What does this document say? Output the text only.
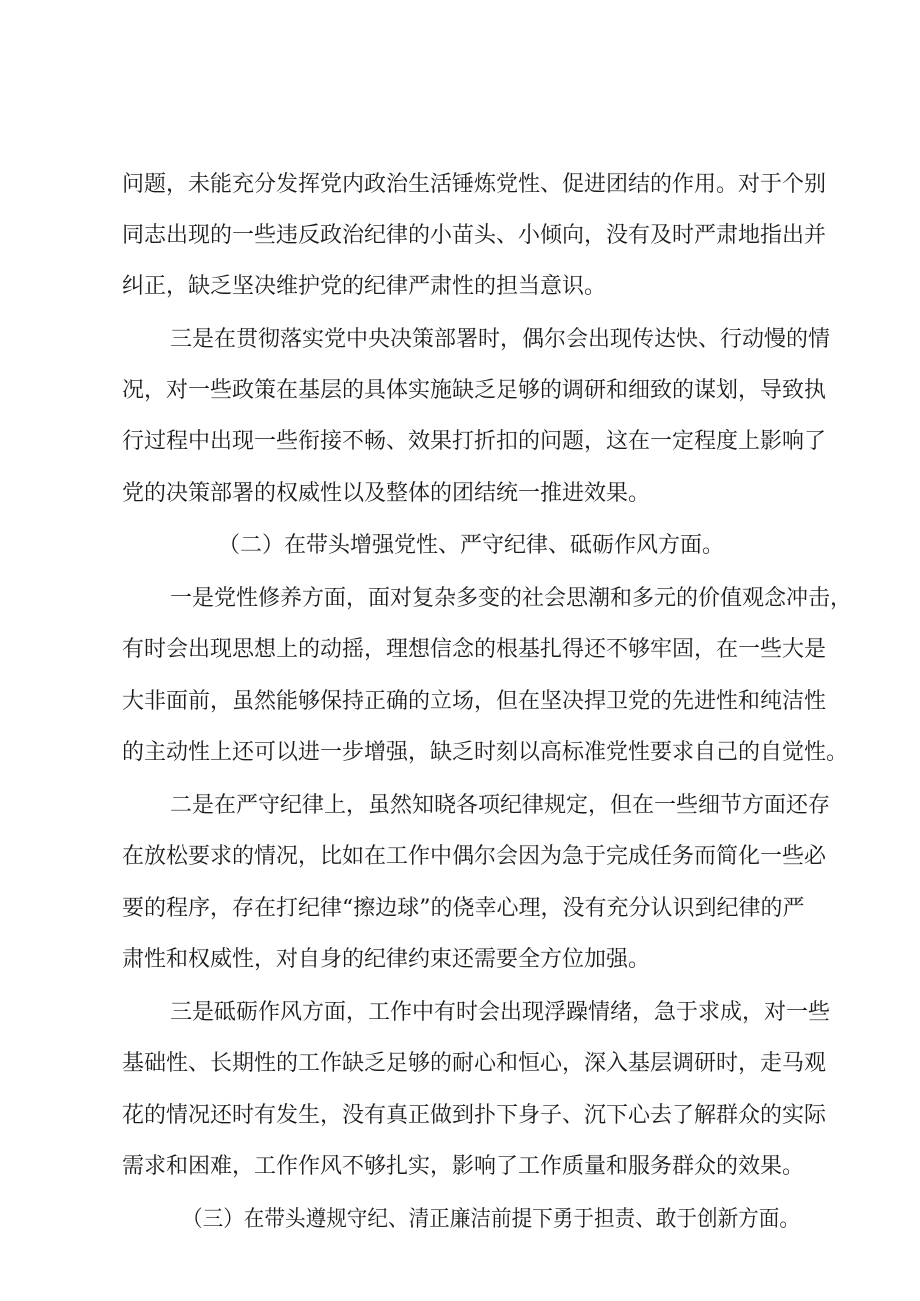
问题，未能充分发挥党内政治生活锤炼党性、促进团结的作用。对于个别
同志出现的一些违反政治纪律的小苗头、小倾向，没有及时严肃地指出并
纠正，缺乏坚决维护党的纪律严肃性的担当意识。
三是在贯彻落实党中央决策部署时，偶尔会出现传达快、行动慢的情
况，对一些政策在基层的具体实施缺乏足够的调研和细致的谋划，导致执
行过程中出现一些衔接不畅、效果打折扣的问题，这在一定程度上影响了
党的决策部署的权威性以及整体的团结统一推进效果。
（二）在带头增强党性、严守纪律、砥砺作风方面。
一是党性修养方面，面对复杂多变的社会思潮和多元的价值观念冲击，
有时会出现思想上的动摇，理想信念的根基扎得还不够牢固，在一些大是
大非面前，虽然能够保持正确的立场，但在坚决捍卫党的先进性和纯洁性
的主动性上还可以进一步增强，缺乏时刻以高标准党性要求自己的自觉性。
二是在严守纪律上，虽然知晓各项纪律规定，但在一些细节方面还存
在放松要求的情况，比如在工作中偶尔会因为急于完成任务而简化一些必
要的程序，存在打纪律“擦边球”的侥幸心理，没有充分认识到纪律的严
肃性和权威性，对自身的纪律约束还需要全方位加强。
三是砥砺作风方面，工作中有时会出现浮躁情绪，急于求成，对一些
基础性、长期性的工作缺乏足够的耐心和恒心，深入基层调研时，走马观
花的情况还时有发生，没有真正做到扑下身子、沉下心去了解群众的实际
需求和困难，工作作风不够扎实，影响了工作质量和服务群众的效果。
（三）在带头遵规守纪、清正廉洁前提下勇于担责、敢于创新方面。
